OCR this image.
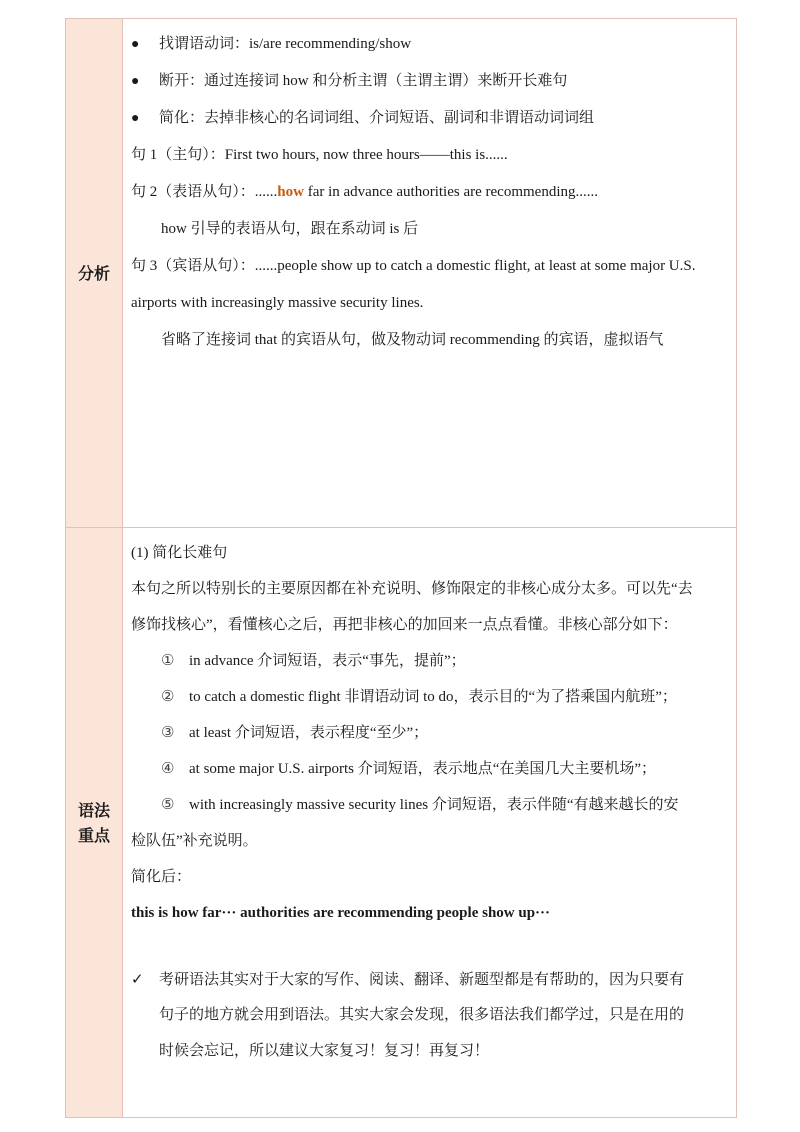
分析
● 找谓语动词：is/are recommending/show
● 断开：通过连接词 how 和分析主谓（主谓主谓）来断开长难句
● 简化：去掉非核心的名词词组、介词短语、副词和非谓语动词词组
句 1（主句）：First two hours, now three hours——this is......
句 2（表语从句）：......how far in advance authorities are recommending......
how 引导的表语从句，跟在系动词 is 后
句 3（宾语从句）：......people show up to catch a domestic flight, at least at some major U.S.
airports with increasingly massive security lines.
省略了连接词 that 的宾语从句，做及物动词 recommending 的宾语，虚拟语气
语法
重点
(1) 简化长难句
本句之所以特别长的主要原因都在补充说明、修饰限定的非核心成分太多。可以先“去
修饰找核心”，看懂核心之后，再把非核心的加回来一点点看懂。非核心部分如下：
① in advance 介词短语，表示“事先，提前”；
② to catch a domestic flight 非谓语动词 to do，表示目的“为了搭乘国内航班”；
③ at least 介词短语，表示程度“至少”；
④ at some major U.S. airports 介词短语，表示地点“在美国几大主要机场”；
⑤ with increasingly massive security lines 介词短语，表示伴随“有越来越长的安
检队伍”补充说明。
简化后：
this is how far··· authorities are recommending people show up···
✓ 考研语法其实对于大家的写作、阅读、翻译、新题型都是有帮助的，因为只要有
句子的地方就会用到语法。其实大家会发现，很多语法我们都学过，只是在用的
时候会忘记，所以建议大家复习！复习！再复习！
